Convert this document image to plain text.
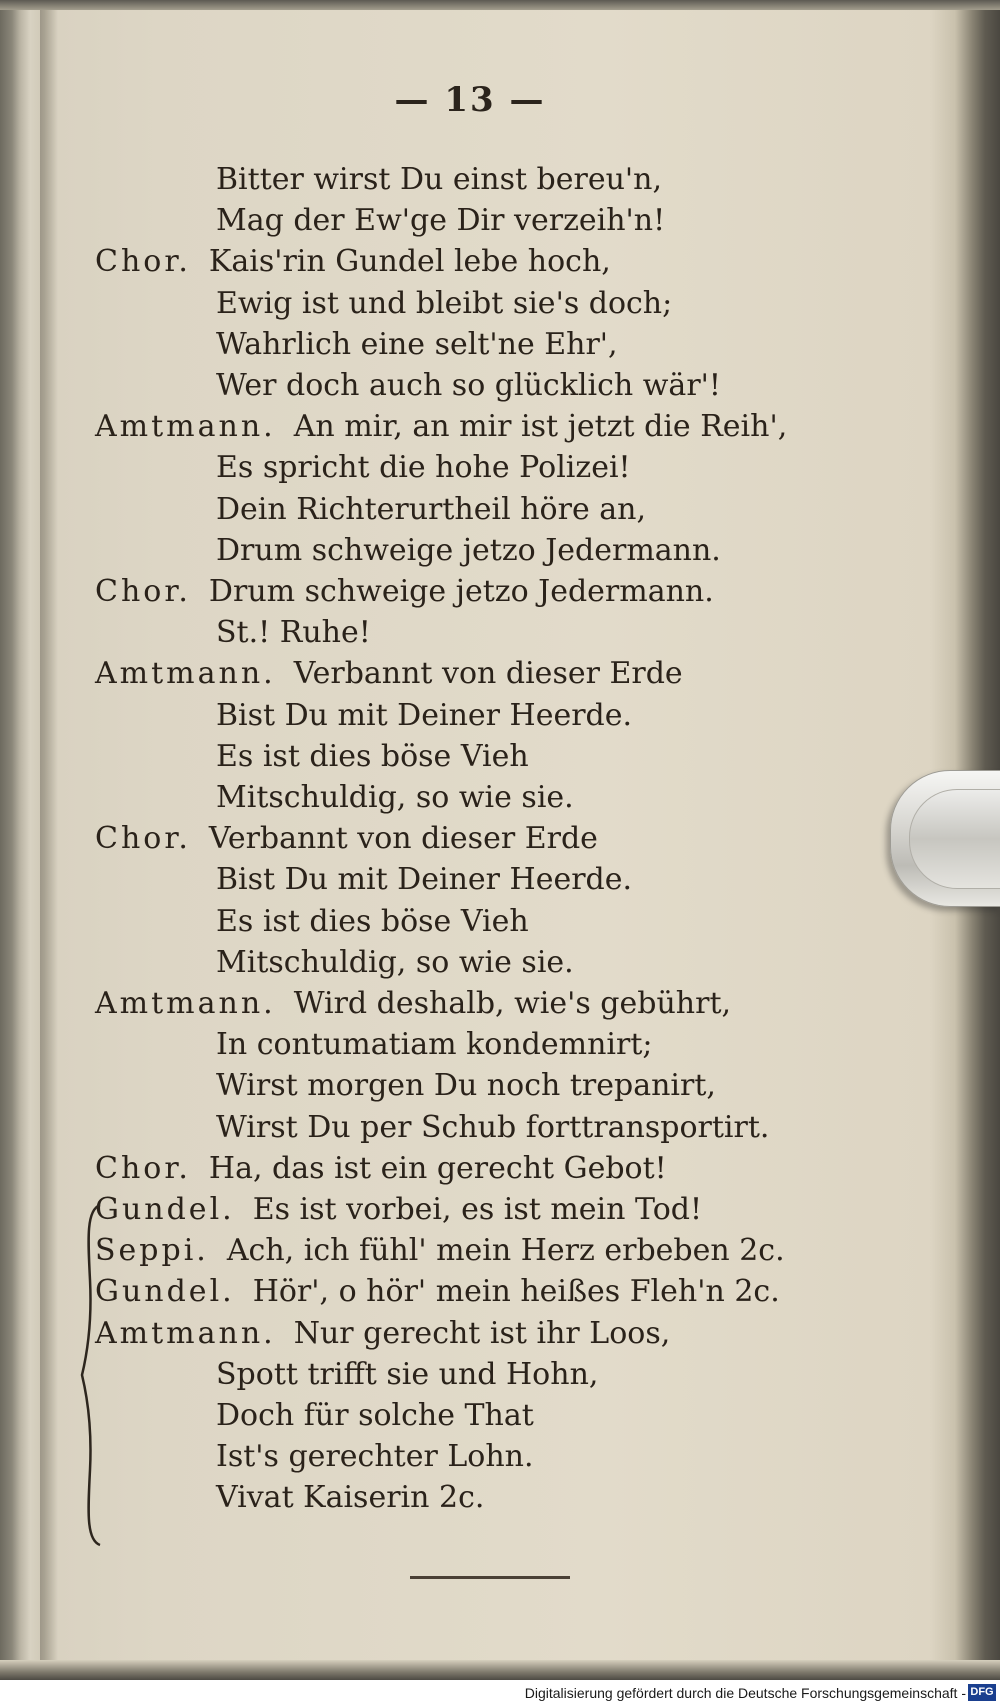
— 13 —
Bitter wirst Du einst bereu'n,
Mag der Ew'ge Dir verzeih'n!
Chor. Kais'rin Gundel lebe hoch,
Ewig ist und bleibt sie's doch;
Wahrlich eine selt'ne Ehr',
Wer doch auch so glücklich wär'!
Amtmann. An mir, an mir ist jetzt die Reih',
Es spricht die hohe Polizei!
Dein Richterurtheil höre an,
Drum schweige jetzo Jedermann.
Chor. Drum schweige jetzo Jedermann.
St.! Ruhe!
Amtmann. Verbannt von dieser Erde
Bist Du mit Deiner Heerde.
Es ist dies böse Vieh
Mitschuldig, so wie sie.
Chor. Verbannt von dieser Erde
Bist Du mit Deiner Heerde.
Es ist dies böse Vieh
Mitschuldig, so wie sie.
Amtmann. Wird deshalb, wie's gebührt,
In contumatiam kondemnirt;
Wirst morgen Du noch trepanirt,
Wirst Du per Schub forttransportirt.
Chor. Ha, das ist ein gerecht Gebot!
Gundel. Es ist vorbei, es ist mein Tod!
Seppi. Ach, ich fühl' mein Herz erbeben 2c.
Gundel. Hör', o hör' mein heißes Fleh'n 2c.
Amtmann. Nur gerecht ist ihr Loos,
Spott trifft sie und Hohn,
Doch für solche That
Ist's gerechter Lohn.
Vivat Kaiserin 2c.
Digitalisierung gefördert durch die Deutsche Forschungsgemeinschaft - DFG
